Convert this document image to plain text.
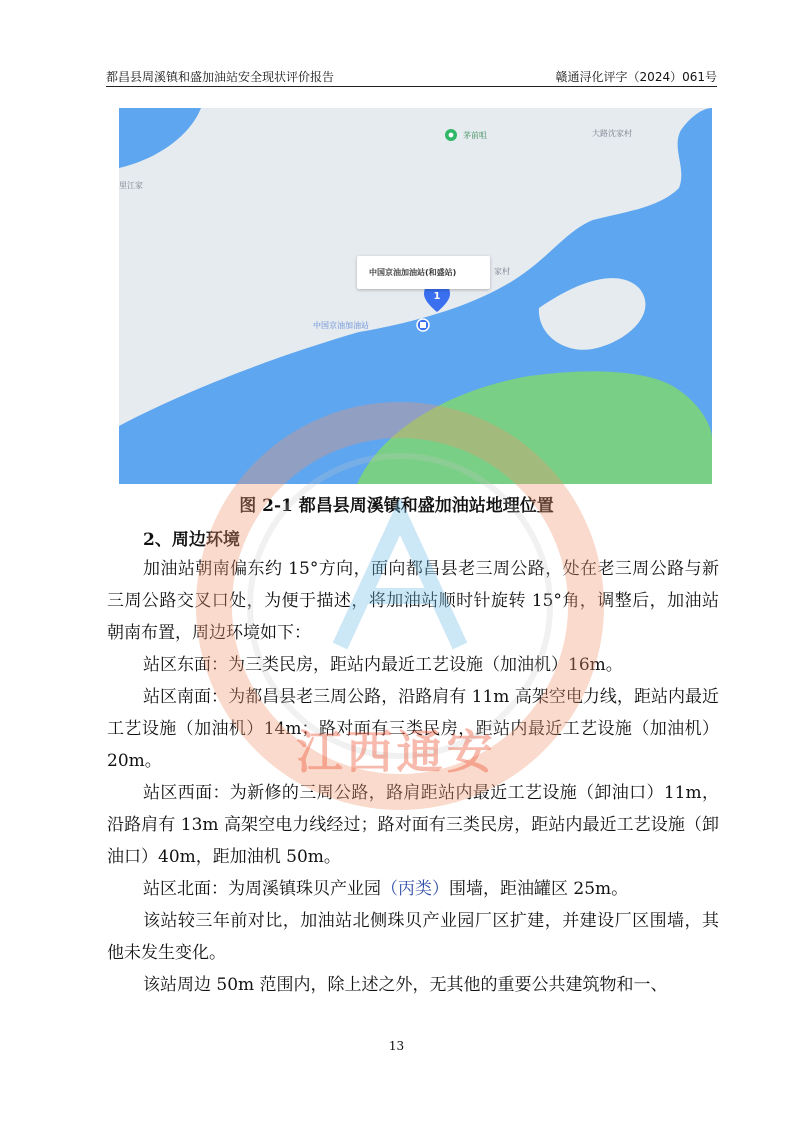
都昌县周溪镇和盛加油站安全现状评价报告	赣通浔化评字（2024）061号
1
茅前咀	大路沈家村
里江家
家村
中国京油加油站
中国京油加油站(和盛站)
图 2-1 都昌县周溪镇和盛加油站地理位置
2、周边环境

加油站朝南偏东约 15°方向，面向都昌县老三周公路，处在老三周公路与新三周公路交叉口处，为便于描述，将加油站顺时针旋转 15°角，调整后，加油站朝南布置，周边环境如下：

站区东面：为三类民房，距站内最近工艺设施（加油机）16m。

站区南面：为都昌县老三周公路，沿路肩有 11m 高架空电力线，距站内最近工艺设施（加油机）14m；路对面有三类民房，距站内最近工艺设施（加油机）20m。

站区西面：为新修的三周公路，路肩距站内最近工艺设施（卸油口）11m，沿路肩有 13m 高架空电力线经过；路对面有三类民房，距站内最近工艺设施（卸油口）40m，距加油机 50m。

站区北面：为周溪镇珠贝产业园（丙类）围墙，距油罐区 25m。

该站较三年前对比，加油站北侧珠贝产业园厂区扩建，并建设厂区围墙，其他未发生变化。

该站周边 50m 范围内，除上述之外，无其他的重要公共建筑物和一、

江西通安
13
